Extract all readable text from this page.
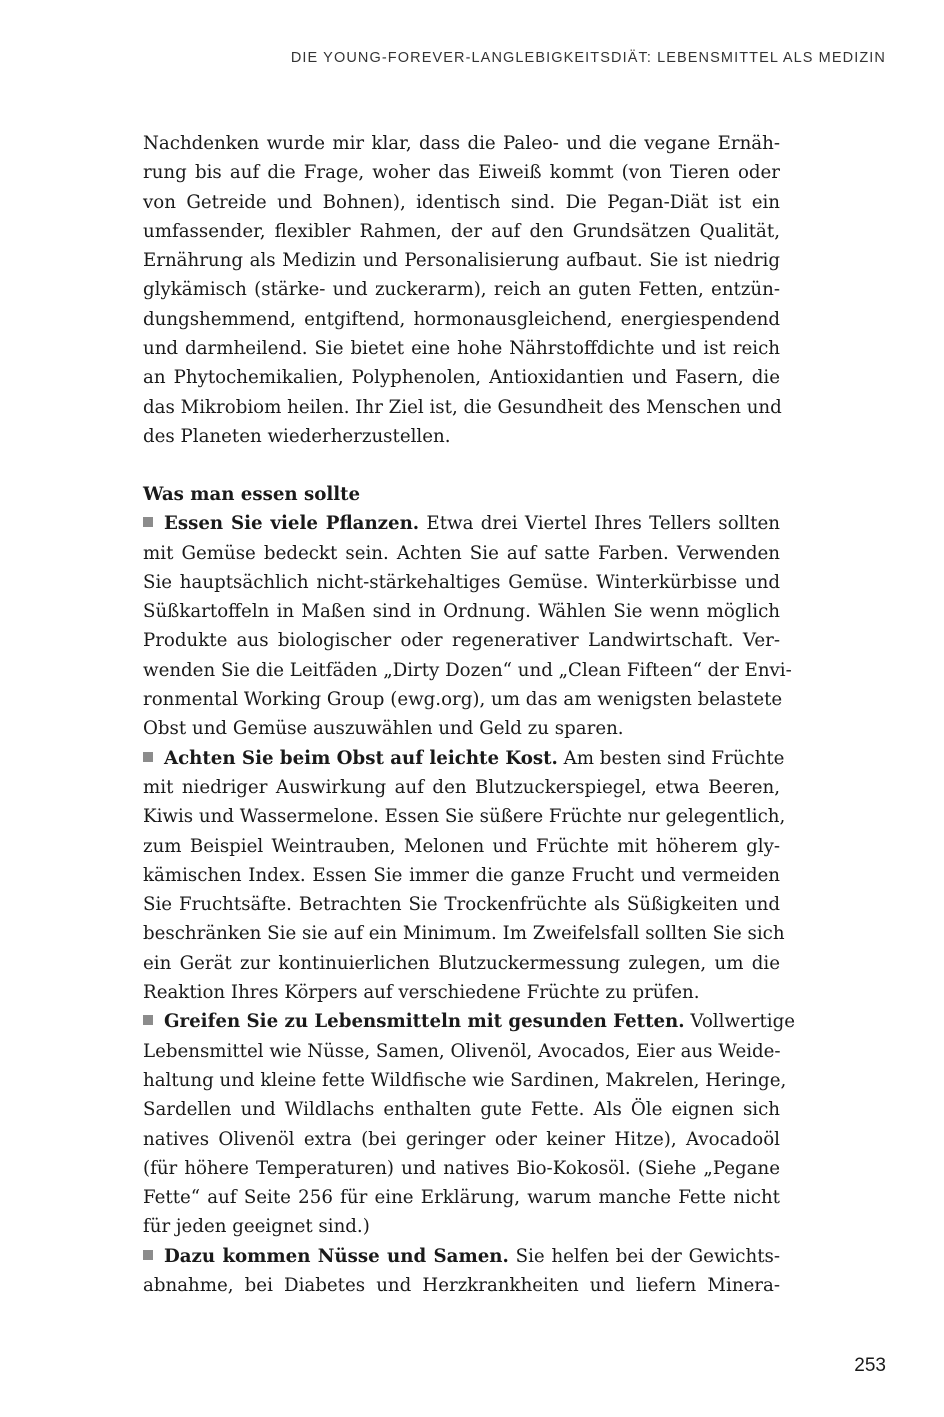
DIE YOUNG-FOREVER-LANGLEBIGKEITSDIÄT: LEBENSMITTEL ALS MEDIZIN
Nachdenken wurde mir klar, dass die Paleo- und die vegane Ernäh-
rung bis auf die Frage, woher das Eiweiß kommt (von Tieren oder
von Getreide und Bohnen), identisch sind. Die Pegan-Diät ist ein
umfassender, flexibler Rahmen, der auf den Grundsätzen Qualität,
Ernährung als Medizin und Personalisierung aufbaut. Sie ist niedrig
glykämisch (stärke- und zuckerarm), reich an guten Fetten, entzün-
dungshemmend, entgiftend, hormonausgleichend, energiespendend
und darmheilend. Sie bietet eine hohe Nährstoffdichte und ist reich
an Phytochemikalien, Polyphenolen, Antioxidantien und Fasern, die
das Mikrobiom heilen. Ihr Ziel ist, die Gesundheit des Menschen und
des Planeten wiederherzustellen.
Was man essen sollte
Essen Sie viele Pflanzen. Etwa drei Viertel Ihres Tellers sollten
mit Gemüse bedeckt sein. Achten Sie auf satte Farben. Verwenden
Sie hauptsächlich nicht-stärkehaltiges Gemüse. Winterkürbisse und
Süßkartoffeln in Maßen sind in Ordnung. Wählen Sie wenn möglich
Produkte aus biologischer oder regenerativer Landwirtschaft. Ver-
wenden Sie die Leitfäden „Dirty Dozen“ und „Clean Fifteen“ der Envi-
ronmental Working Group (ewg.org), um das am wenigsten belastete
Obst und Gemüse auszuwählen und Geld zu sparen.
Achten Sie beim Obst auf leichte Kost. Am besten sind Früchte
mit niedriger Auswirkung auf den Blutzuckerspiegel, etwa Beeren,
Kiwis und Wassermelone. Essen Sie süßere Früchte nur gelegentlich,
zum Beispiel Weintrauben, Melonen und Früchte mit höherem gly-
kämischen Index. Essen Sie immer die ganze Frucht und vermeiden
Sie Fruchtsäfte. Betrachten Sie Trockenfrüchte als Süßigkeiten und
beschränken Sie sie auf ein Minimum. Im Zweifelsfall sollten Sie sich
ein Gerät zur kontinuierlichen Blutzuckermessung zulegen, um die
Reaktion Ihres Körpers auf verschiedene Früchte zu prüfen.
Greifen Sie zu Lebensmitteln mit gesunden Fetten. Vollwertige
Lebensmittel wie Nüsse, Samen, Olivenöl, Avocados, Eier aus Weide-
haltung und kleine fette Wildfische wie Sardinen, Makrelen, Heringe,
Sardellen und Wildlachs enthalten gute Fette. Als Öle eignen sich
natives Olivenöl extra (bei geringer oder keiner Hitze), Avocadoöl
(für höhere Temperaturen) und natives Bio-Kokosöl. (Siehe „Pegane
Fette“ auf Seite 256 für eine Erklärung, warum manche Fette nicht
für jeden geeignet sind.)
Dazu kommen Nüsse und Samen. Sie helfen bei der Gewichts-
abnahme, bei Diabetes und Herzkrankheiten und liefern Minera-
253
